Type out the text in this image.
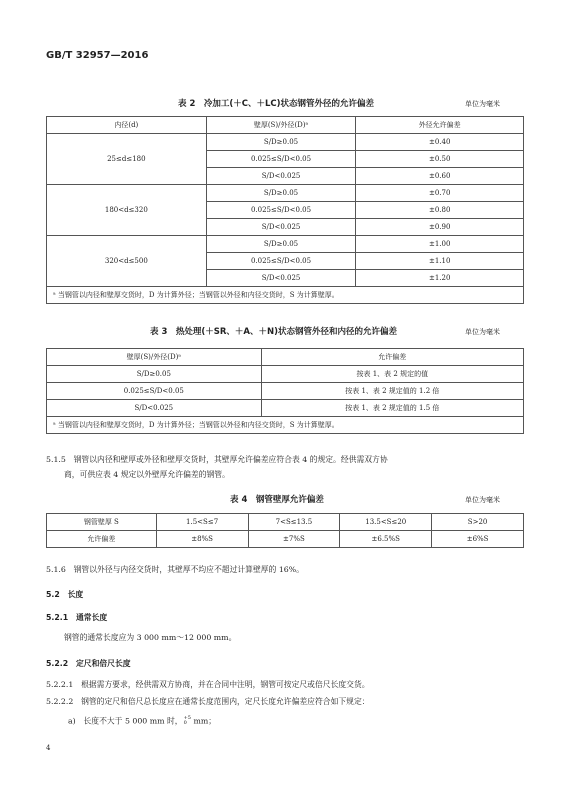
GB/T 32957—2016
表 2　冷加工(＋C、＋LC)状态钢管外径的允许偏差	单位为毫米
内径(d)	壁厚(S)/外径(D)ᵃ	外径允许偏差
25≤d≤180	S/D≥0.05	±0.40
	0.025≤S/D<0.05	±0.50
	S/D<0.025	±0.60
180<d≤320	S/D≥0.05	±0.70
	0.025≤S/D<0.05	±0.80
	S/D<0.025	±0.90
320<d≤500	S/D≥0.05	±1.00
	0.025≤S/D<0.05	±1.10
	S/D<0.025	±1.20
ᵃ 当钢管以内径和壁厚交货时，D 为计算外径；当钢管以外径和内径交货时，S 为计算壁厚。		
表 3　热处理(＋SR、＋A、＋N)状态钢管外径和内径的允许偏差	单位为毫米
壁厚(S)/外径(D)ᵃ	允许偏差
S/D≥0.05	按表 1、表 2 规定的值
0.025≤S/D<0.05	按表 1、表 2 规定值的 1.2 倍
S/D<0.025	按表 1、表 2 规定值的 1.5 倍
ᵃ 当钢管以内径和壁厚交货时，D 为计算外径；当钢管以外径和内径交货时，S 为计算壁厚。	
5.1.5　钢管以内径和壁厚或外径和壁厚交货时，其壁厚允许偏差应符合表 4 的规定。经供需双方协
商，可供应表 4 规定以外壁厚允许偏差的钢管。
表 4　钢管壁厚允许偏差	单位为毫米
钢管壁厚 S	1.5<S≤7	7<S≤13.5	13.5<S≤20	S>20
允许偏差	±8%S	±7%S	±6.5%S	±6%S
5.1.6　钢管以外径与内径交货时，其壁厚不均应不超过计算壁厚的 16%。
5.2　长度
5.2.1　通常长度
钢管的通常长度应为 3 000 mm～12 000 mm。
5.2.2　定尺和倍尺长度
5.2.2.1　根据需方要求，经供需双方协商，并在合同中注明，钢管可按定尺或倍尺长度交货。
5.2.2.2　钢管的定尺和倍尺总长度应在通常长度范围内，定尺长度允许偏差应符合如下规定：
a)　长度不大于 5 000 mm 时， +5
0 mm；
4
